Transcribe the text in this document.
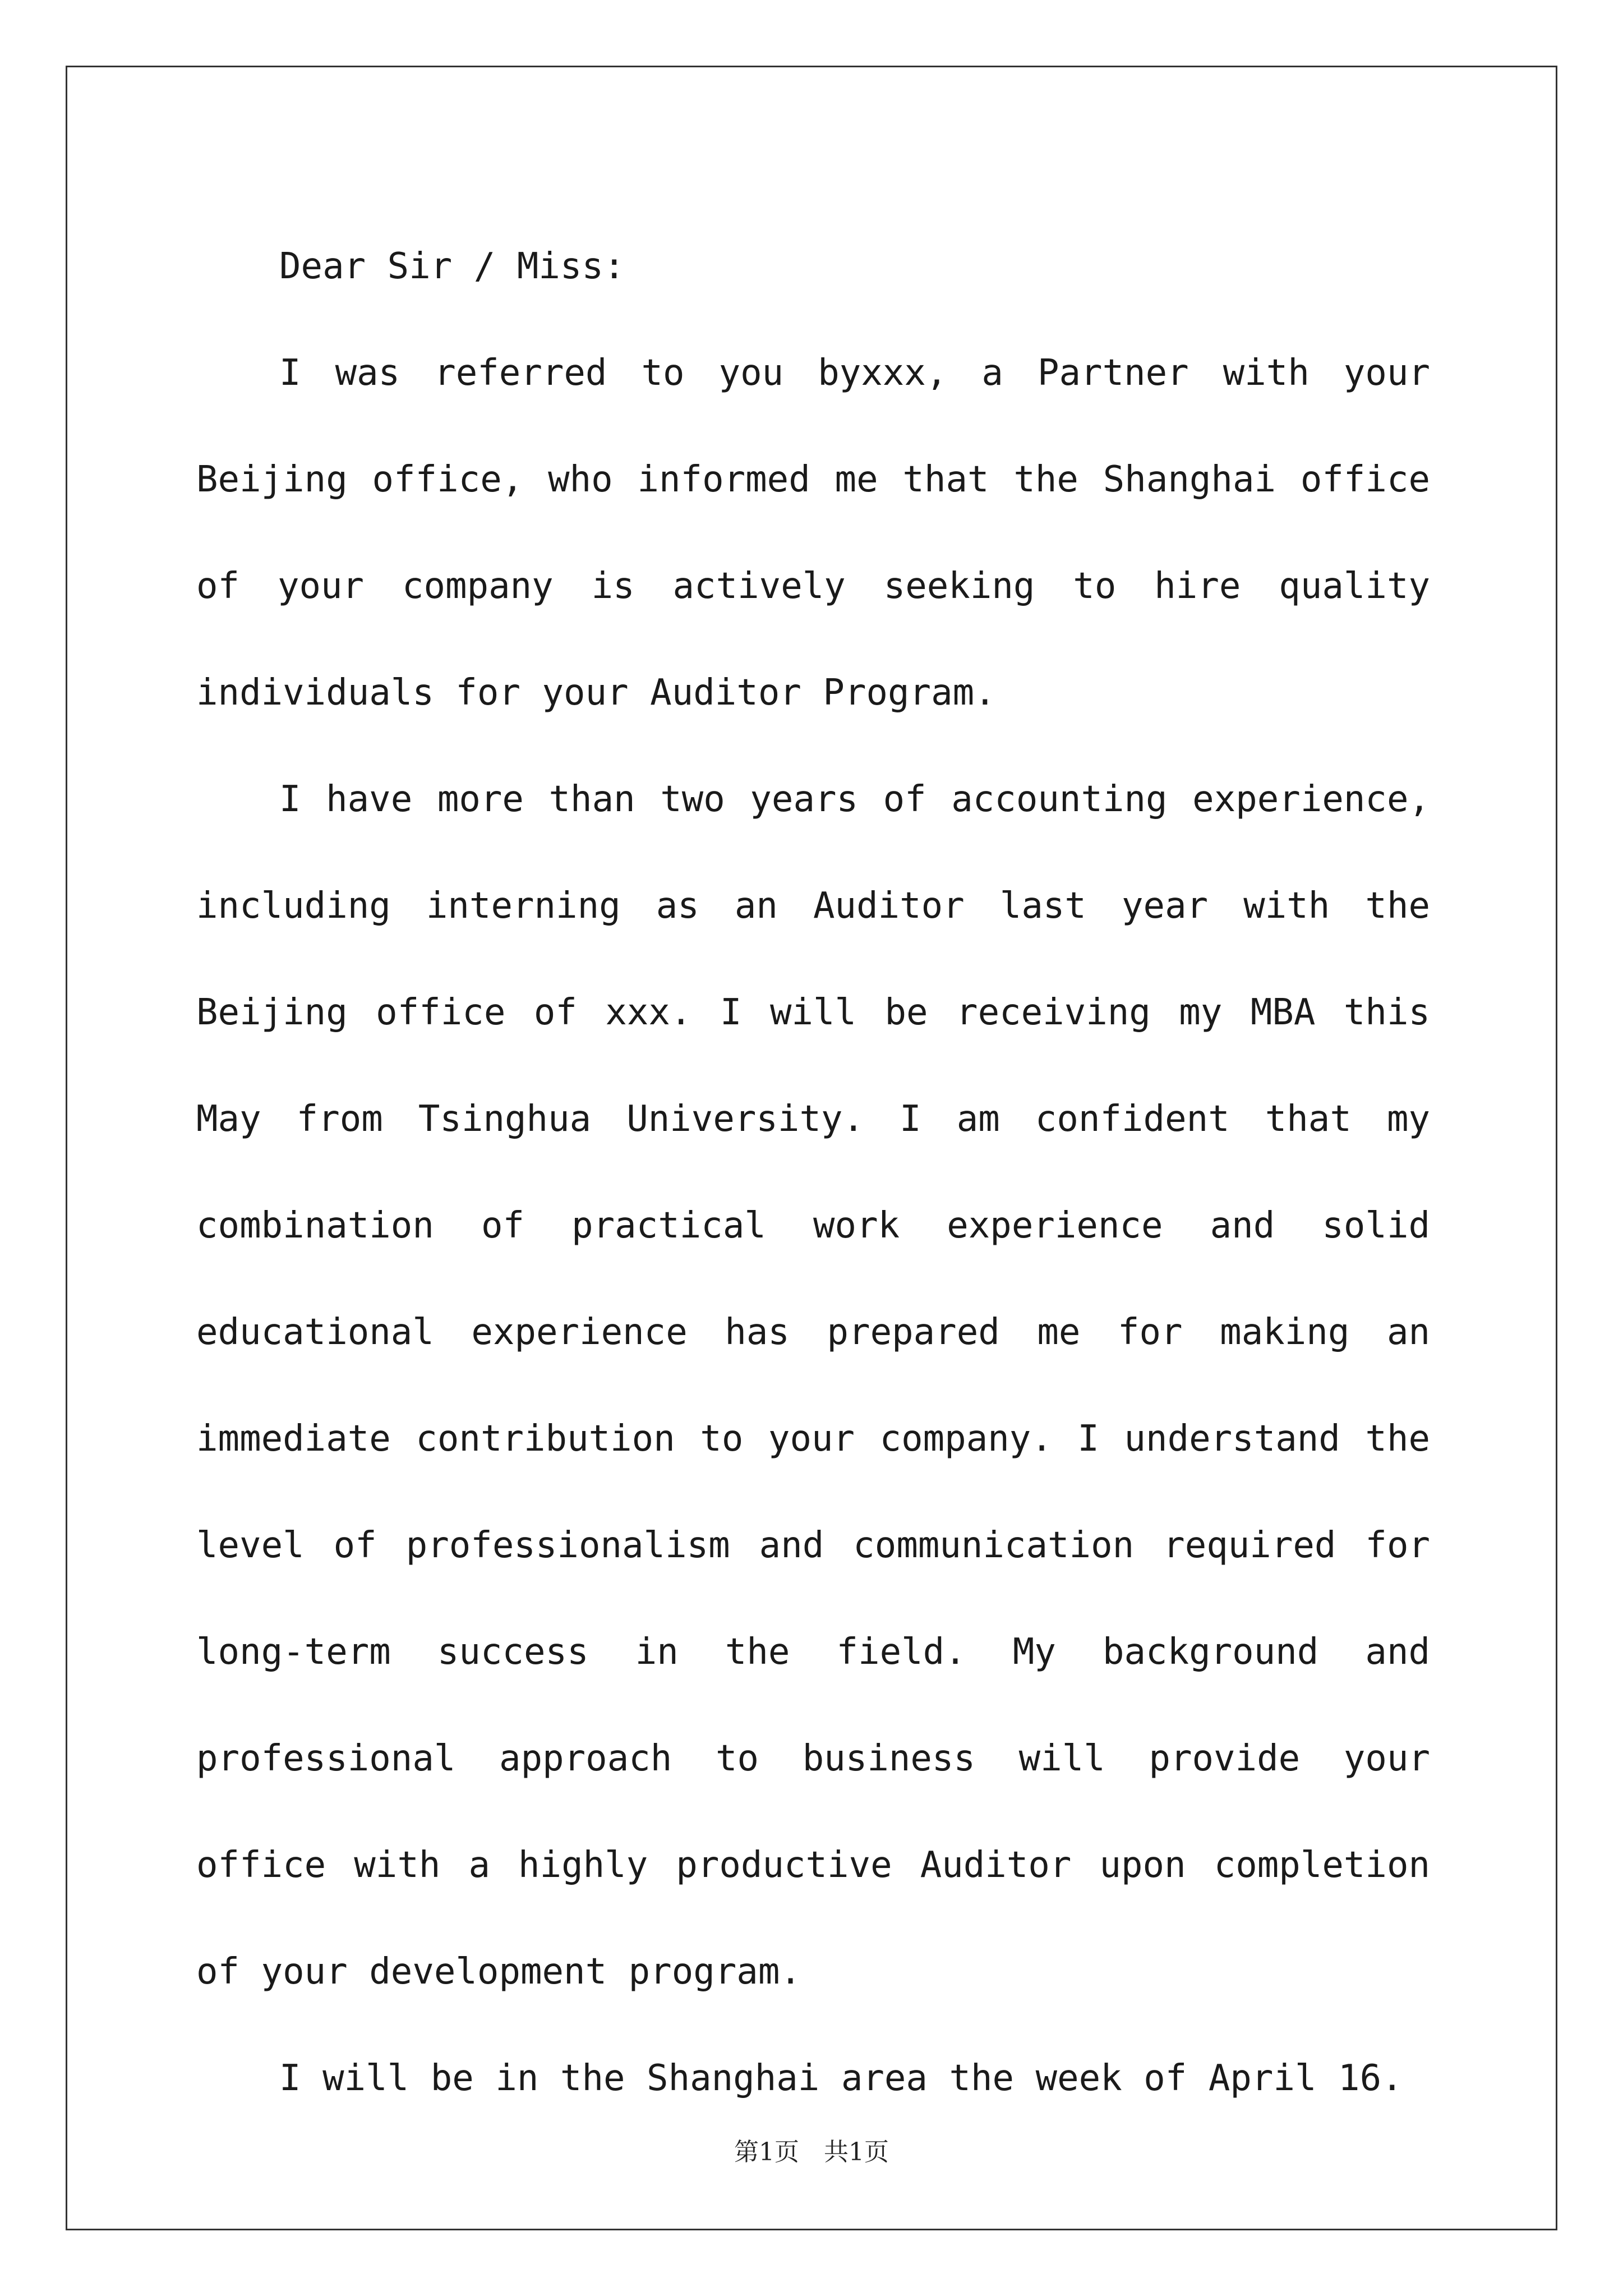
Dear Sir / Miss:

I was referred to you byxxx, a Partner with your Beijing office, who informed me that the Shanghai office of your company is actively seeking to hire quality individuals for your Auditor Program.

I have more than two years of accounting experience, including interning as an Auditor last year with the Beijing office of xxx. I will be receiving my MBA this May from Tsinghua University. I am confident that my combination of practical work experience and solid educational experience has prepared me for making an immediate contribution to your company. I understand the level of professionalism and communication required for long-term success in the field. My background and professional approach to business will provide your office with a highly productive Auditor upon completion of your development program.

I will be in the Shanghai area the week of April 16.

第1页　共1页
